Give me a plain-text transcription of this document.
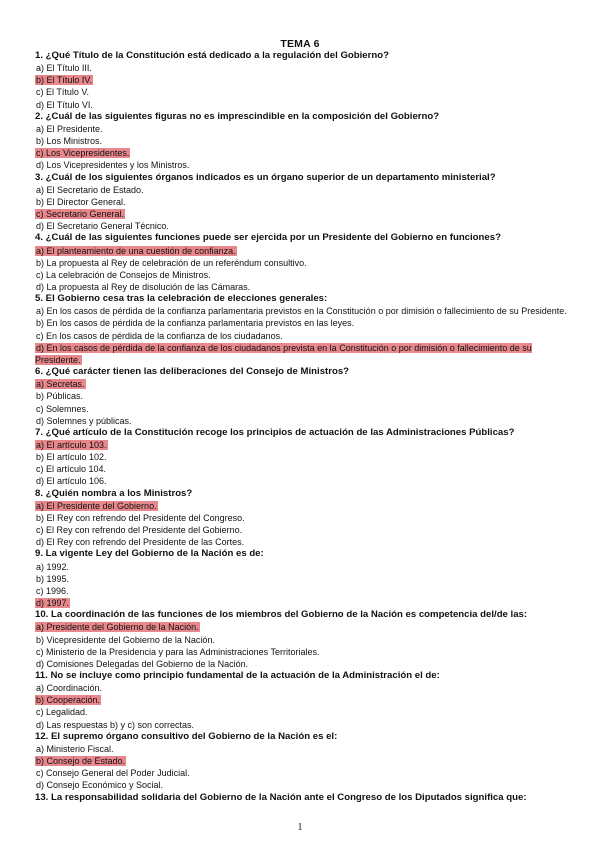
TEMA 6

1. ¿Qué Título de la Constitución está dedicado a la regulación del Gobierno?

a) El Título III.

b) El Título IV.

c) El Título V.

d) El Título VI.

2. ¿Cuál de las siguientes figuras no es imprescindible en la composición del Gobierno?

a) El Presidente.

b) Los Ministros.

c) Los Vicepresidentes.

d) Los Vicepresidentes y los Ministros.

3. ¿Cuál de los siguientes órganos indicados es un órgano superior de un departamento ministerial?

a) El Secretario de Estado.

b) El Director General.

c) Secretario General.

d) El Secretario General Técnico.

4. ¿Cuál de las siguientes funciones puede ser ejercida por un Presidente del Gobierno en funciones?

a) El planteamiento de una cuestión de confianza.

b) La propuesta al Rey de celebración de un referéndum consultivo.

c) La celebración de Consejos de Ministros.

d) La propuesta al Rey de disolución de las Cámaras.

5. El Gobierno cesa tras la celebración de elecciones generales:

a) En los casos de pérdida de la confianza parlamentaria previstos en la Constitución o por dimisión o fallecimiento de su Presidente.

b) En los casos de pérdida de la confianza parlamentaria previstos en las leyes.

c) En los casos de pérdida de la confianza de los ciudadanos.

d) En los casos de pérdida de la confianza de los ciudadanos prevista en la Constitución o por dimisión o fallecimiento de su Presidente.

6. ¿Qué carácter tienen las deliberaciones del Consejo de Ministros?

a) Secretas.

b) Públicas.

c) Solemnes.

d) Solemnes y públicas.

7. ¿Qué artículo de la Constitución recoge los principios de actuación de las Administraciones Públicas?

a) El artículo 103.

b) El artículo 102.

c) El artículo 104.

d) El artículo 106.

8. ¿Quién nombra a los Ministros?

a) El Presidente del Gobierno.

b) El Rey con refrendo del Presidente del Congreso.

c) El Rey con refrendo del Presidente del Gobierno.

d) El Rey con refrendo del Presidente de las Cortes.

9. La vigente Ley del Gobierno de la Nación es de:

a) 1992.

b) 1995.

c) 1996.

d) 1997.

10. La coordinación de las funciones de los miembros del Gobierno de la Nación es competencia del/de las:

a) Presidente del Gobierno de la Nación.

b) Vicepresidente del Gobierno de la Nación.

c) Ministerio de la Presidencia y para las Administraciones Territoriales.

d) Comisiones Delegadas del Gobierno de la Nación.

11. No se incluye como principio fundamental de la actuación de la Administración el de:

a) Coordinación.

b) Cooperación.

c) Legalidad.

d) Las respuestas b) y c) son correctas.

12. El supremo órgano consultivo del Gobierno de la Nación es el:

a) Ministerio Fiscal.

b) Consejo de Estado.

c) Consejo General del Poder Judicial.

d) Consejo Económico y Social.

13. La responsabilidad solidaria del Gobierno de la Nación ante el Congreso de los Diputados significa que:

1
